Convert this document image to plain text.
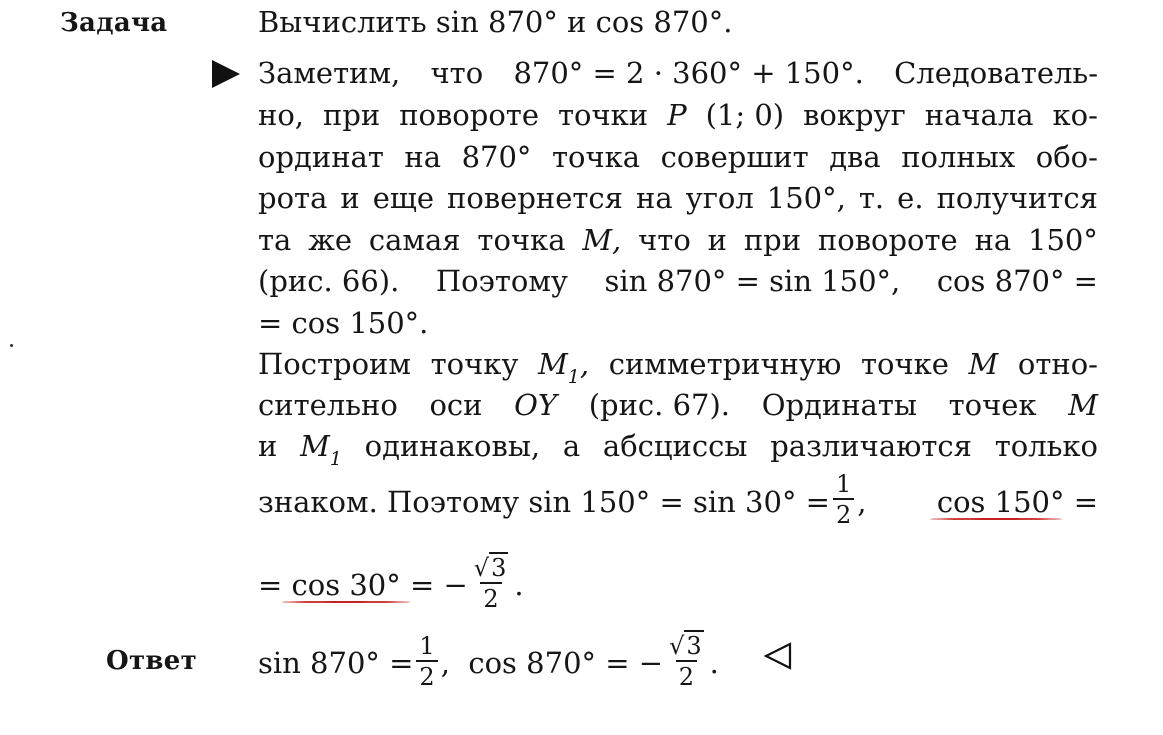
Задача	Вычислить sin 870° и cos 870°.
Заметим, что 870° = 2 · 360° + 150°. Следователь-
но, при повороте точки P (1; 0) вокруг начала ко-
ординат на 870° точка совершит два полных обо-
рота и еще повернется на угол 150°, т. е. получится
та же самая точка M, что и при повороте на 150°
(рис. 66). Поэтому sin 870° = sin 150°, cos 870° =
= cos 150°.
Построим точку $M_1$, симметричную точке M отно-
сительно оси OY (рис. 67). Ординаты точек M
и $M_1$ одинаковы, а абсциссы различаются только
знаком. Поэтому $\sin 150^\circ = \sin 30^\circ = \frac{1}{2}$ , cos 150° =
= cos 30° = − $\frac{√3}{2}$ .
Ответ $\sin 870^\circ = \frac{1}{2}$ , cos 870° = − $\frac{√3}{2}$ .
